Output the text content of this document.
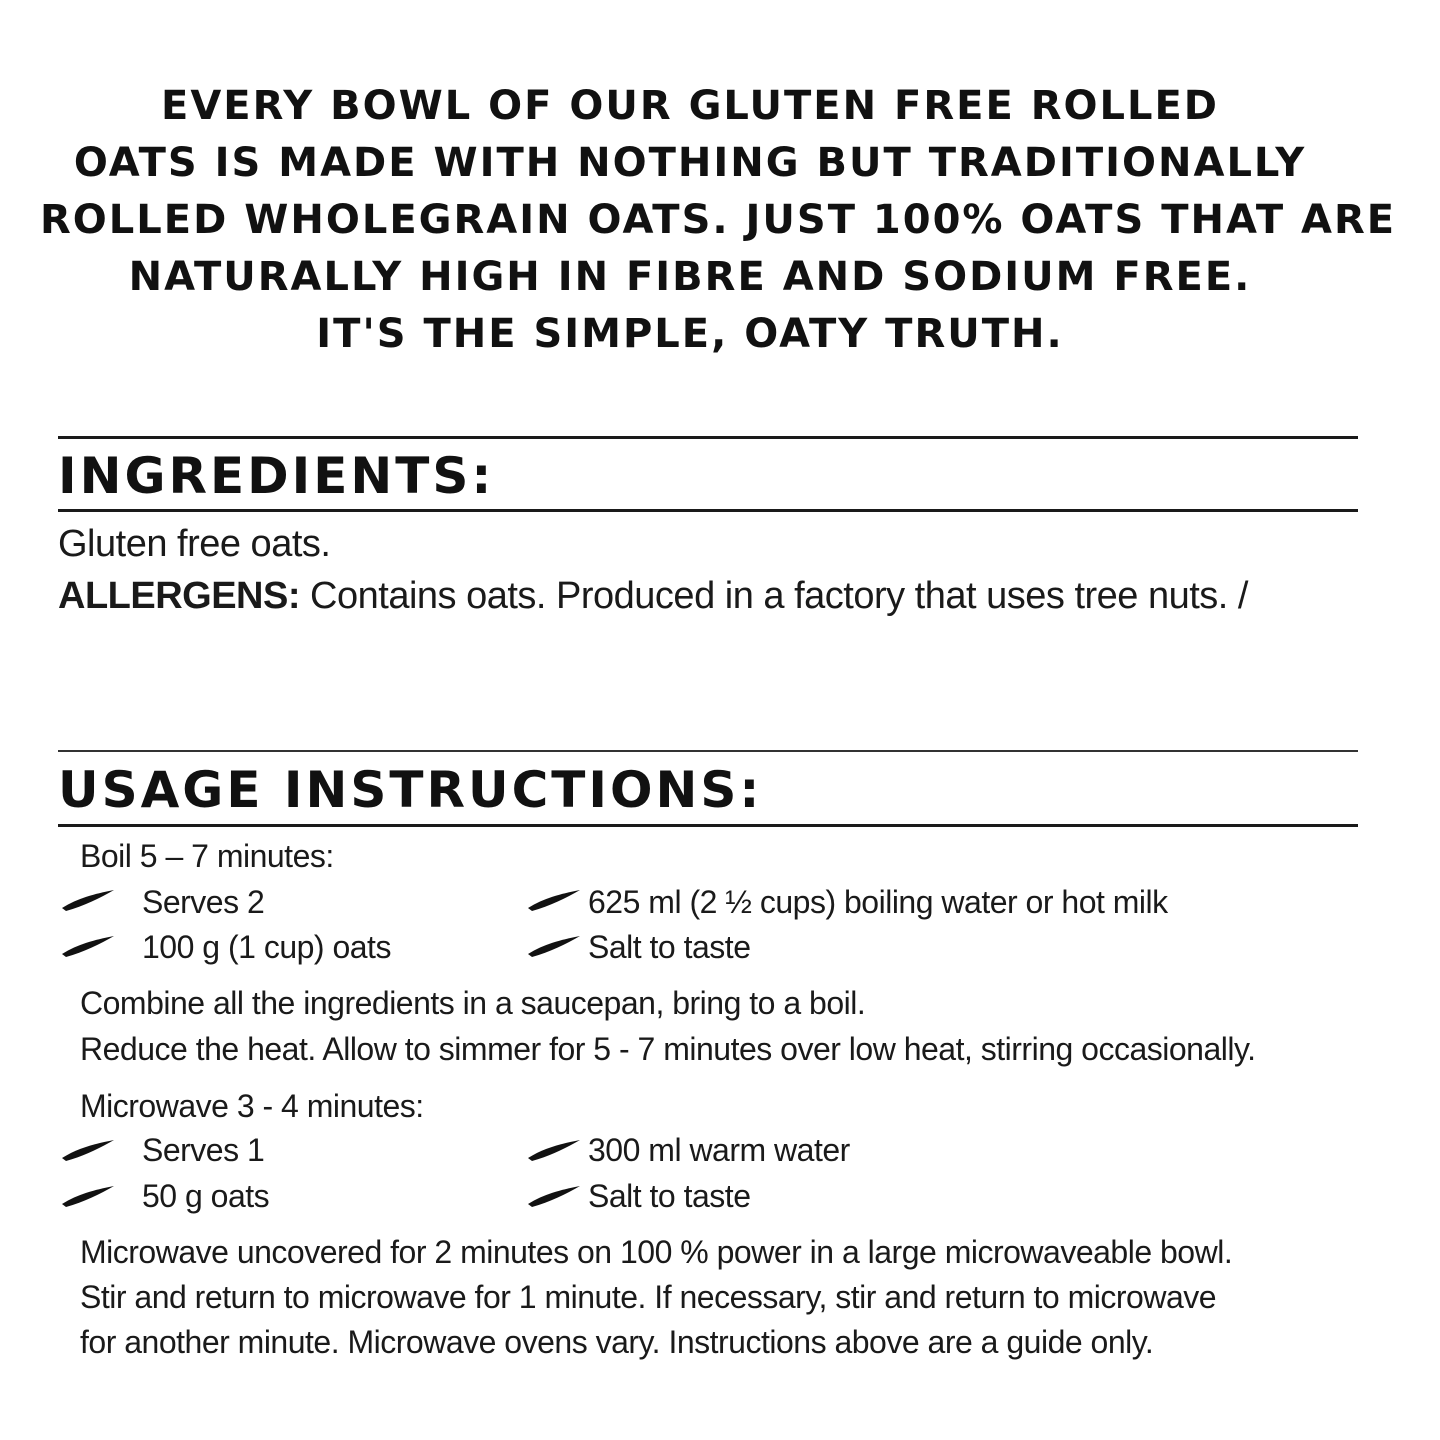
EVERY BOWL OF OUR GLUTEN FREE ROLLED
OATS IS MADE WITH NOTHING BUT TRADITIONALLY
ROLLED WHOLEGRAIN OATS. JUST 100% OATS THAT ARE
NATURALLY HIGH IN FIBRE AND SODIUM FREE.
IT'S THE SIMPLE, OATY TRUTH.
INGREDIENTS:
Gluten free oats.
ALLERGENS: Contains oats. Produced in a factory that uses tree nuts. /
USAGE INSTRUCTIONS:
Boil 5 – 7 minutes:
Serves 2	625 ml (2 ½ cups) boiling water or hot milk
100 g (1 cup) oats	Salt to taste
Combine all the ingredients in a saucepan, bring to a boil.
Reduce the heat. Allow to simmer for 5 - 7 minutes over low heat, stirring occasionally.
Microwave 3 - 4 minutes:
Serves 1	300 ml warm water
50 g oats	Salt to taste
Microwave uncovered for 2 minutes on 100 % power in a large microwaveable bowl.
Stir and return to microwave for 1 minute. If necessary, stir and return to microwave
for another minute. Microwave ovens vary. Instructions above are a guide only.
